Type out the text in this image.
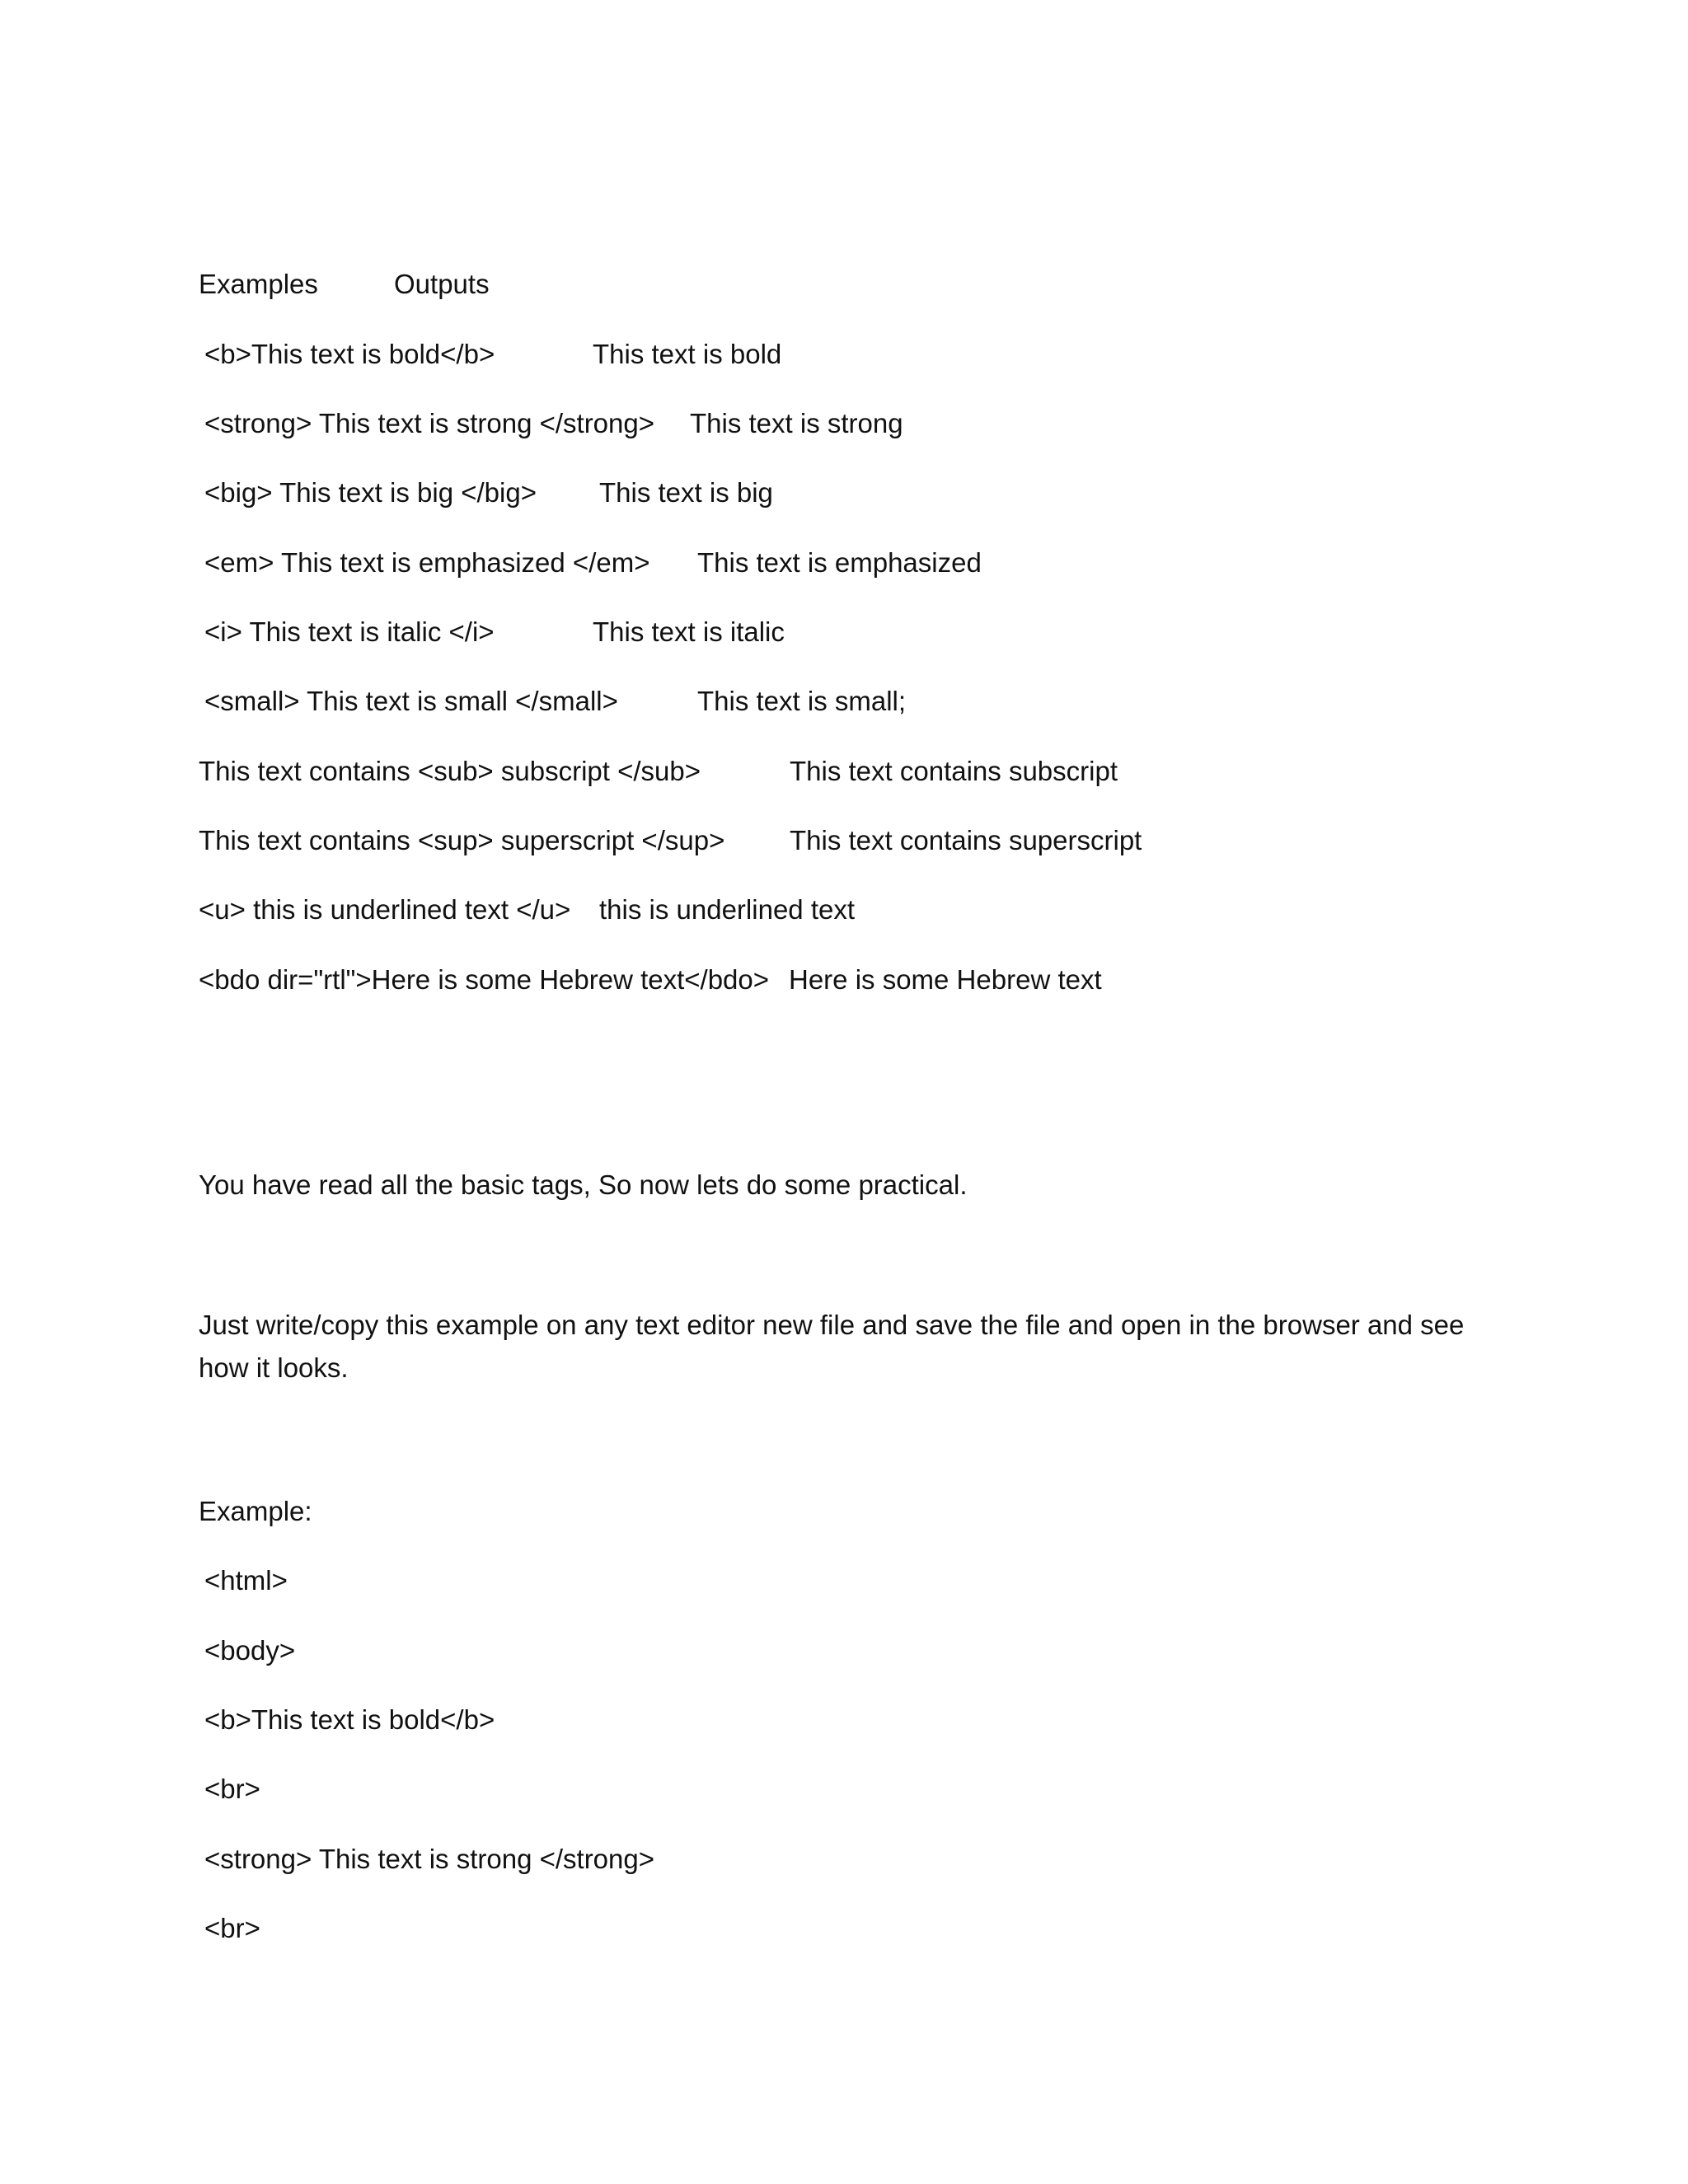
Examples	Outputs
<b>This text is bold</b>	This text is bold
<strong> This text is strong </strong> This text is strong
<big> This text is big </big> This text is big
<em> This text is emphasized </em> This text is emphasized
<i> This text is italic </i>	This text is italic
<small> This text is small </small>	This text is small;
This text contains <sub> subscript </sub>	This text contains subscript
This text contains <sup> superscript </sup> This text contains superscript
<u> this is underlined text </u> this is underlined text
<bdo dir="rtl">Here is some Hebrew text</bdo> Here is some Hebrew text
You have read all the basic tags, So now lets do some practical.
Just write/copy this example on any text editor new file and save the file and open in the browser and see how it looks.
Example:
<html>
<body>
<b>This text is bold</b>
<br>
<strong> This text is strong </strong>
<br>
